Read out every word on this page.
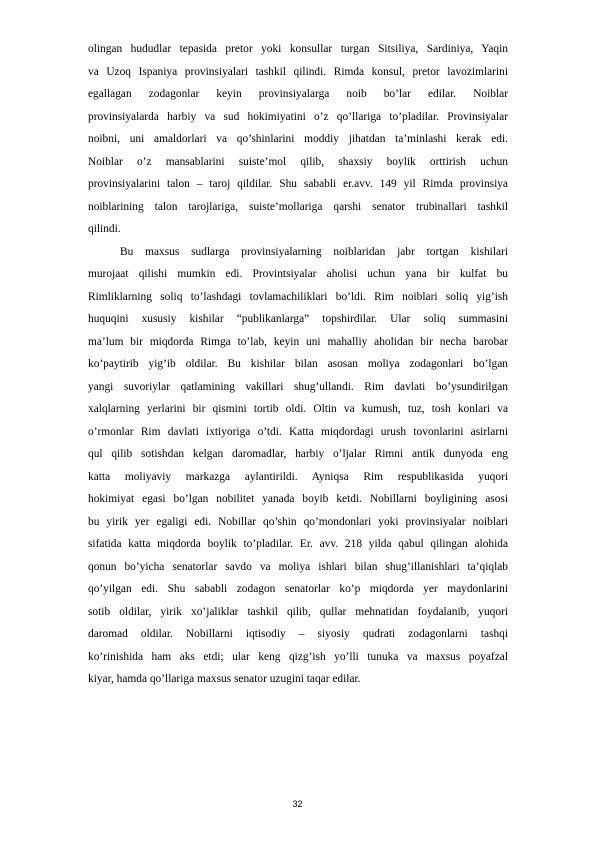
olingan hududlar tepasida pretor yoki konsullar turgan Sitsiliya, Sardiniya, Yaqin
va Uzoq Ispaniya provinsiyalari tashkil qilindi. Rimda konsul, pretor lavozimlarini
egallagan zodagonlar keyin provinsiyalarga noib bo’lar edilar. Noiblar
provinsiyalarda harbiy va sud hokimiyatini o’z qo’llariga to’pladilar. Provinsiyalar
noibni, uni amaldorlari va qo’shinlarini moddiy jihatdan ta’minlashi kerak edi.
Noiblar o’z mansablarini suiste’mol qilib, shaxsiy boylik orttirish uchun
provinsiyalarini talon – taroj qildilar. Shu sababli er.avv. 149 yil Rimda provinsiya
noiblarining talon tarojlariga, suiste’mollariga qarshi senator trubinallari tashkil
qilindi.
Bu maxsus sudlarga provinsiyalarning noiblaridan jabr tortgan kishilari
murojaat qilishi mumkin edi. Provintsiyalar aholisi uchun yana bir kulfat bu
Rimliklarning soliq to’lashdagi tovlamachiliklari bo’ldi. Rim noiblari soliq yig’ish
huquqini xususiy kishilar “publikanlarga” topshirdilar. Ular soliq summasini
ma’lum bir miqdorda Rimga to’lab, keyin uni mahalliy aholidan bir necha barobar
ko’paytirib yig’ib oldilar. Bu kishilar bilan asosan moliya zodagonlari bo’lgan
yangi suvoriylar qatlamining vakillari shug’ullandi. Rim davlati bo’ysundirilgan
xalqlarning yerlarini bir qismini tortib oldi. Oltin va kumush, tuz, tosh konlari va
o’rmonlar Rim davlati ixtiyoriga o’tdi. Katta miqdordagi urush tovonlarini asirlarni
qul qilib sotishdan kelgan daromadlar, harbiy o’ljalar Rimni antik dunyoda eng
katta moliyaviy markazga aylantirildi. Ayniqsa Rim respublikasida yuqori
hokimiyat egasi bo’lgan nobilitet yanada boyib ketdi. Nobillarni boyligining asosi
bu yirik yer egaligi edi. Nobillar qo’shin qo’mondonlari yoki provinsiyalar noiblari
sifatida katta miqdorda boylik to’pladilar. Er. avv. 218 yilda qabul qilingan alohida
qonun bo’yicha senatorlar savdo va moliya ishlari bilan shug’illanishlari ta’qiqlab
qo’yilgan edi. Shu sababli zodagon senatorlar ko’p miqdorda yer maydonlarini
sotib oldilar, yirik xo’jaliklar tashkil qilib, qullar mehnatidan foydalanib, yuqori
daromad oldilar. Nobillarni iqtisodiy – siyosiy qudrati zodagonlarni tashqi
ko’rinishida ham aks etdi; ular keng qizg’ish yo’lli tunuka va maxsus poyafzal
kiyar, hamda qo’llariga maxsus senator uzugini taqar edilar.
32
